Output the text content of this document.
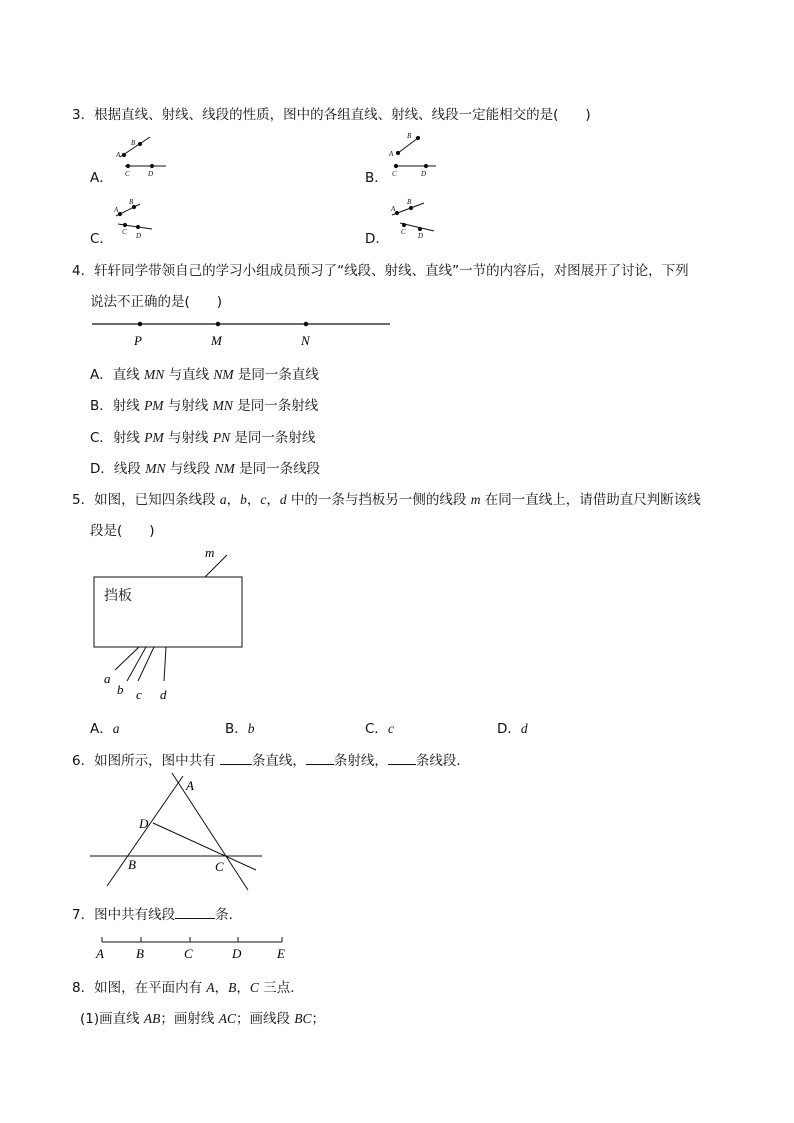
3．根据直线、射线、线段的性质，图中的各组直线、射线、线段一定能相交的是(　　)
A．
A
B
C	D
A
B
C	D
A
B
C D
A
B
C D
B．
C．	D．
4．轩轩同学带领自己的学习小组成员预习了“线段、射线、直线”一节的内容后，对图展开了讨论，下列
说法不正确的是(　　)
P	M	N
A．直线 MN 与直线 NM 是同一条直线
B．射线 PM 与射线 MN 是同一条射线
C．射线 PM 与射线 PN 是同一条射线
D．线段 MN 与线段 NM 是同一条线段
5．如图，已知四条线段 a，b，c，d 中的一条与挡板另一侧的线段 m 在同一直线上，请借助直尺判断该线
段是(　　)
m
a
b c d
挡板
A．a	B．b	C．c	D．d
6．如图所示，图中共有 条直线， 条射线， 条线段．
A
D
B	C
7．图中共有线段	条．
A B	C	D	E
8．如图，在平面内有 A，B，C 三点．
(1)画直线 AB；画射线 AC；画线段 BC；
